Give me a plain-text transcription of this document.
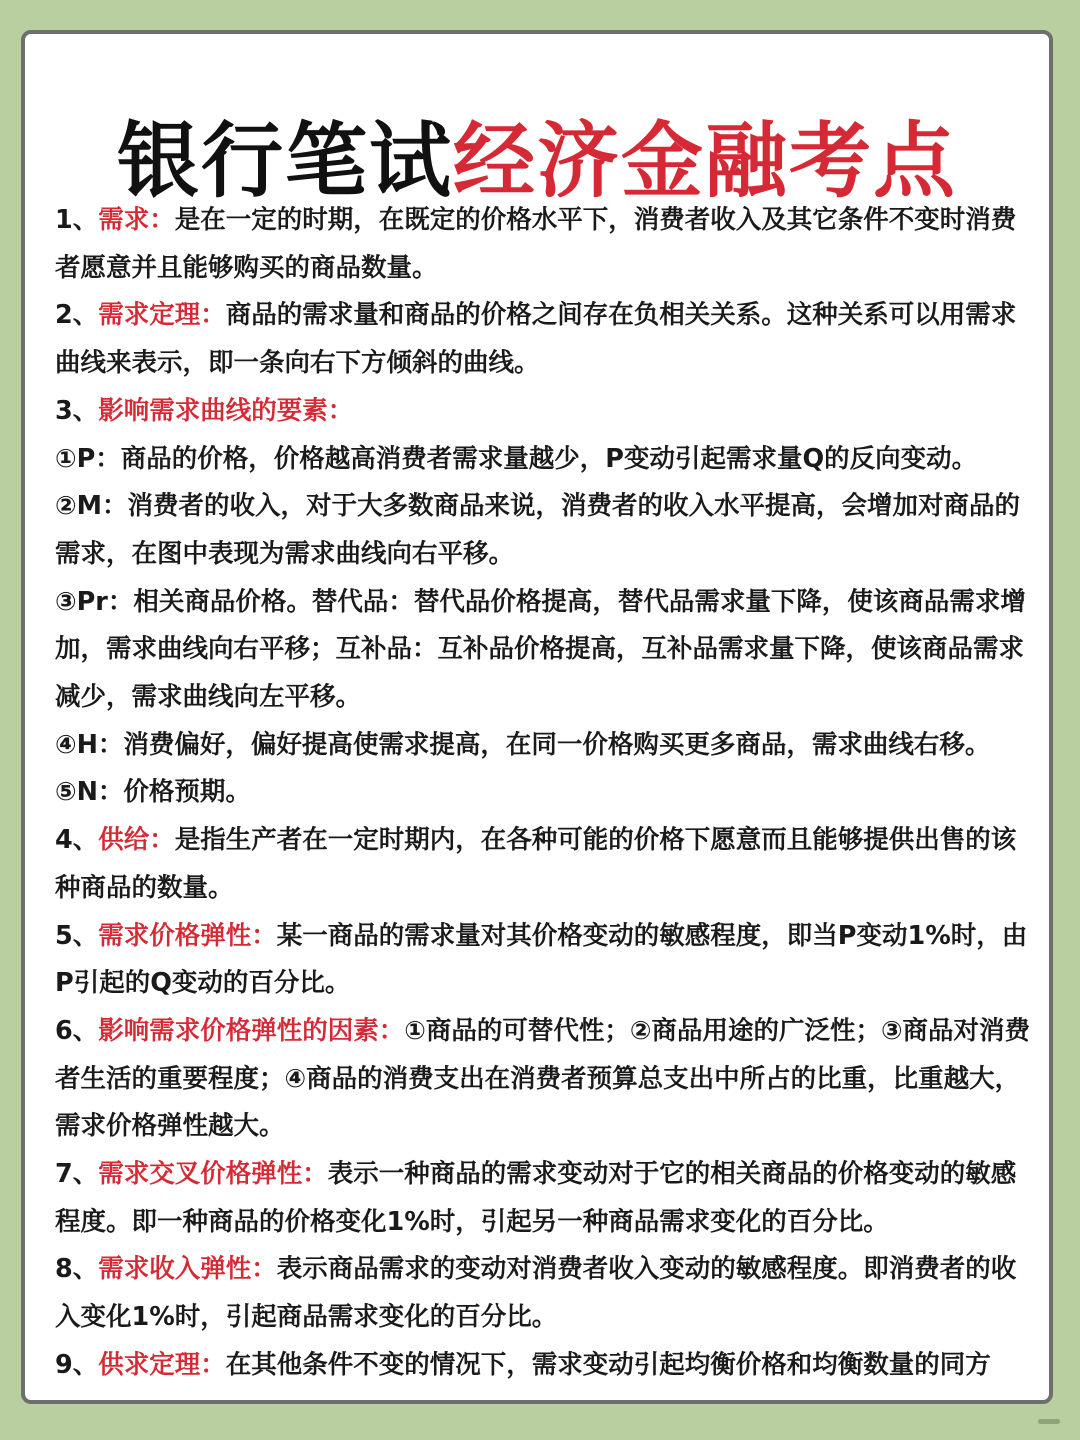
银行笔试经济金融考点

1、需求：是在一定的时期，在既定的价格水平下，消费者收入及其它条件不变时消费者愿意并且能够购买的商品数量。

2、需求定理：商品的需求量和商品的价格之间存在负相关关系。这种关系可以用需求曲线来表示，即一条向右下方倾斜的曲线。

3、影响需求曲线的要素：

①P：商品的价格，价格越高消费者需求量越少，P变动引起需求量Q的反向变动。

②M：消费者的收入，对于大多数商品来说，消费者的收入水平提高，会增加对商品的需求，在图中表现为需求曲线向右平移。

③Pr：相关商品价格。替代品：替代品价格提高，替代品需求量下降，使该商品需求增加，需求曲线向右平移；互补品：互补品价格提高，互补品需求量下降，使该商品需求减少，需求曲线向左平移。

④H：消费偏好，偏好提高使需求提高，在同一价格购买更多商品，需求曲线右移。

⑤N：价格预期。

4、供给：是指生产者在一定时期内，在各种可能的价格下愿意而且能够提供出售的该种商品的数量。

5、需求价格弹性：某一商品的需求量对其价格变动的敏感程度，即当P变动1%时，由P引起的Q变动的百分比。

6、影响需求价格弹性的因素：①商品的可替代性；②商品用途的广泛性；③商品对消费者生活的重要程度；④商品的消费支出在消费者预算总支出中所占的比重，比重越大，需求价格弹性越大。

7、需求交叉价格弹性：表示一种商品的需求变动对于它的相关商品的价格变动的敏感程度。即一种商品的价格变化1%时，引起另一种商品需求变化的百分比。

8、需求收入弹性：表示商品需求的变动对消费者收入变动的敏感程度。即消费者的收入变化1%时，引起商品需求变化的百分比。

9、供求定理：在其他条件不变的情况下，需求变动引起均衡价格和均衡数量的同方
